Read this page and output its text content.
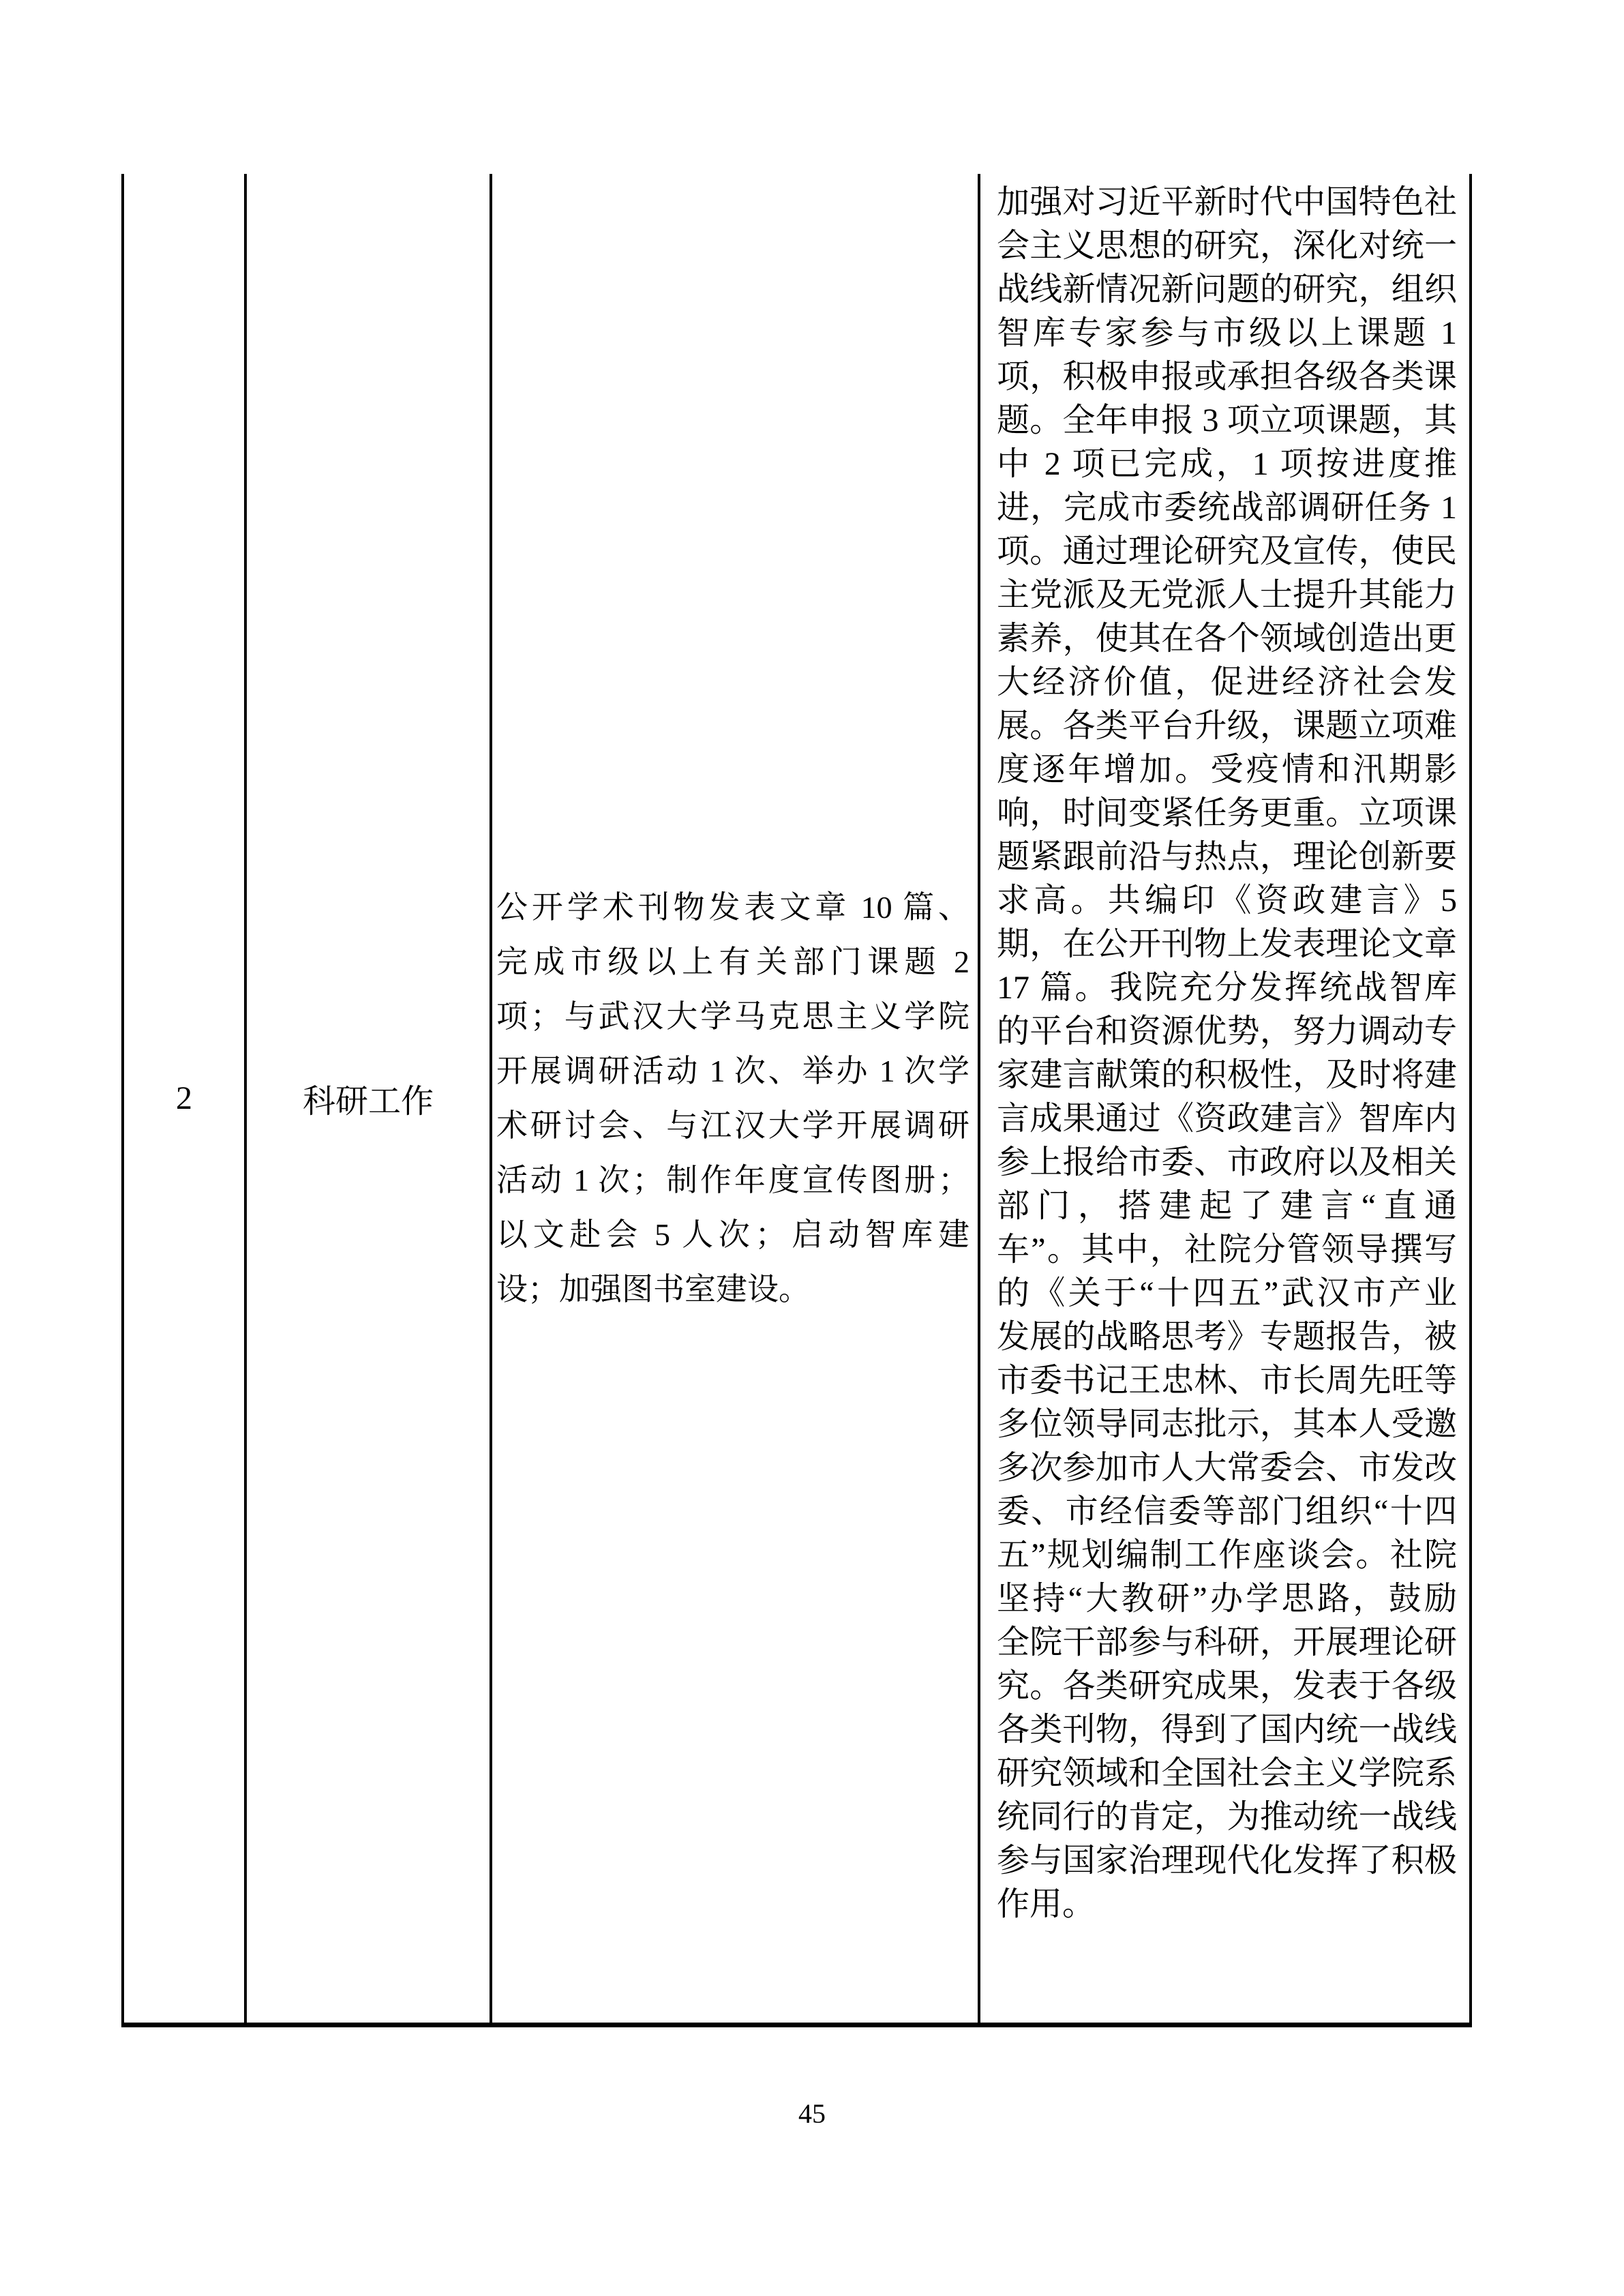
2	科研工作
公开学术刊物发表文章 10 篇、
完成市级以上有关部门课题 2
项；与武汉大学马克思主义学院
开展调研活动 1 次、举办 1 次学
术研讨会、与江汉大学开展调研
活动 1 次；制作年度宣传图册；
以文赴会 5 人次；启动智库建
设；加强图书室建设。
加强对习近平新时代中国特色社
会主义思想的研究，深化对统一
战线新情况新问题的研究，组织
智库专家参与市级以上课题 1
项，积极申报或承担各级各类课
题。全年申报 3 项立项课题，其
中 2 项已完成，1 项按进度推
进，完成市委统战部调研任务 1
项。通过理论研究及宣传，使民
主党派及无党派人士提升其能力
素养，使其在各个领域创造出更
大经济价值，促进经济社会发
展。各类平台升级，课题立项难
度逐年增加。受疫情和汛期影
响，时间变紧任务更重。立项课
题紧跟前沿与热点，理论创新要
求高。共编印《资政建言》5
期，在公开刊物上发表理论文章
17 篇。我院充分发挥统战智库
的平台和资源优势，努力调动专
家建言献策的积极性，及时将建
言成果通过《资政建言》智库内
参上报给市委、市政府以及相关
部门，搭建起了建言“直通
车”。其中，社院分管领导撰写
的《关于“十四五”武汉市产业
发展的战略思考》专题报告，被
市委书记王忠林、市长周先旺等
多位领导同志批示，其本人受邀
多次参加市人大常委会、市发改
委、市经信委等部门组织“十四
五”规划编制工作座谈会。社院
坚持“大教研”办学思路，鼓励
全院干部参与科研，开展理论研
究。各类研究成果，发表于各级
各类刊物，得到了国内统一战线
研究领域和全国社会主义学院系
统同行的肯定，为推动统一战线
参与国家治理现代化发挥了积极
作用。
45
